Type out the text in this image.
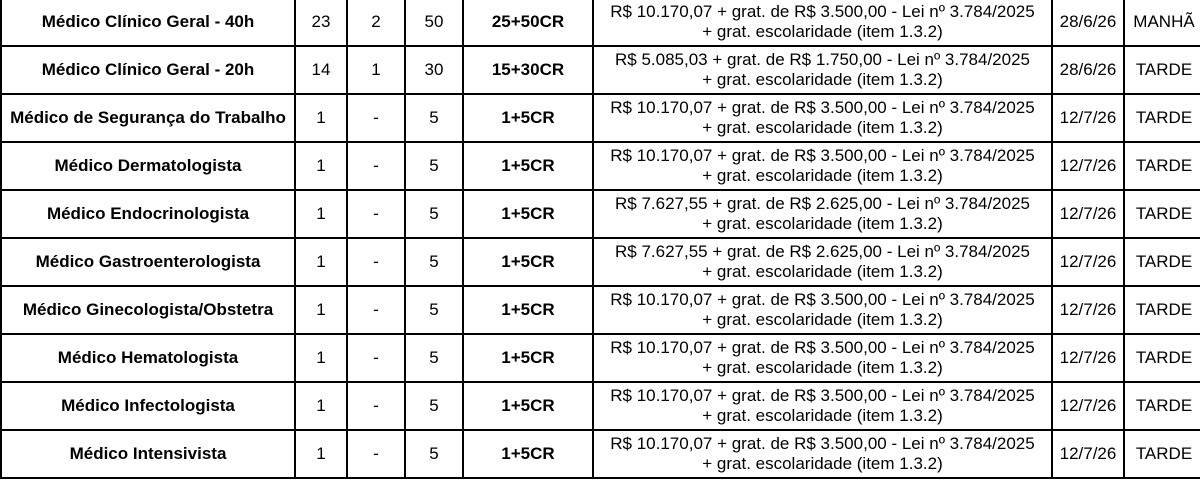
Médico Clínico Geral - 40h	23	2	50	25+50CR	R$ 10.170,07 + grat. de R$ 3.500,00 - Lei nº 3.784/2025
+ grat. escolaridade (item 1.3.2)	28/6/26	MANHÃ
Médico Clínico Geral - 20h	14	1	30	15+30CR	R$ 5.085,03 + grat. de R$ 1.750,00 - Lei nº 3.784/2025
+ grat. escolaridade (item 1.3.2)	28/6/26	TARDE
Médico de Segurança do Trabalho	1	-	5	1+5CR	R$ 10.170,07 + grat. de R$ 3.500,00 - Lei nº 3.784/2025
+ grat. escolaridade (item 1.3.2)	12/7/26	TARDE
Médico Dermatologista	1	-	5	1+5CR	R$ 10.170,07 + grat. de R$ 3.500,00 - Lei nº 3.784/2025
+ grat. escolaridade (item 1.3.2)	12/7/26	TARDE
Médico Endocrinologista	1	-	5	1+5CR	R$ 7.627,55 + grat. de R$ 2.625,00 - Lei nº 3.784/2025
+ grat. escolaridade (item 1.3.2)	12/7/26	TARDE
Médico Gastroenterologista	1	-	5	1+5CR	R$ 7.627,55 + grat. de R$ 2.625,00 - Lei nº 3.784/2025
+ grat. escolaridade (item 1.3.2)	12/7/26	TARDE
Médico Ginecologista/Obstetra	1	-	5	1+5CR	R$ 10.170,07 + grat. de R$ 3.500,00 - Lei nº 3.784/2025
+ grat. escolaridade (item 1.3.2)	12/7/26	TARDE
Médico Hematologista	1	-	5	1+5CR	R$ 10.170,07 + grat. de R$ 3.500,00 - Lei nº 3.784/2025
+ grat. escolaridade (item 1.3.2)	12/7/26	TARDE
Médico Infectologista	1	-	5	1+5CR	R$ 10.170,07 + grat. de R$ 3.500,00 - Lei nº 3.784/2025
+ grat. escolaridade (item 1.3.2)	12/7/26	TARDE
Médico Intensivista	1	-	5	1+5CR	R$ 10.170,07 + grat. de R$ 3.500,00 - Lei nº 3.784/2025
+ grat. escolaridade (item 1.3.2)	12/7/26	TARDE
